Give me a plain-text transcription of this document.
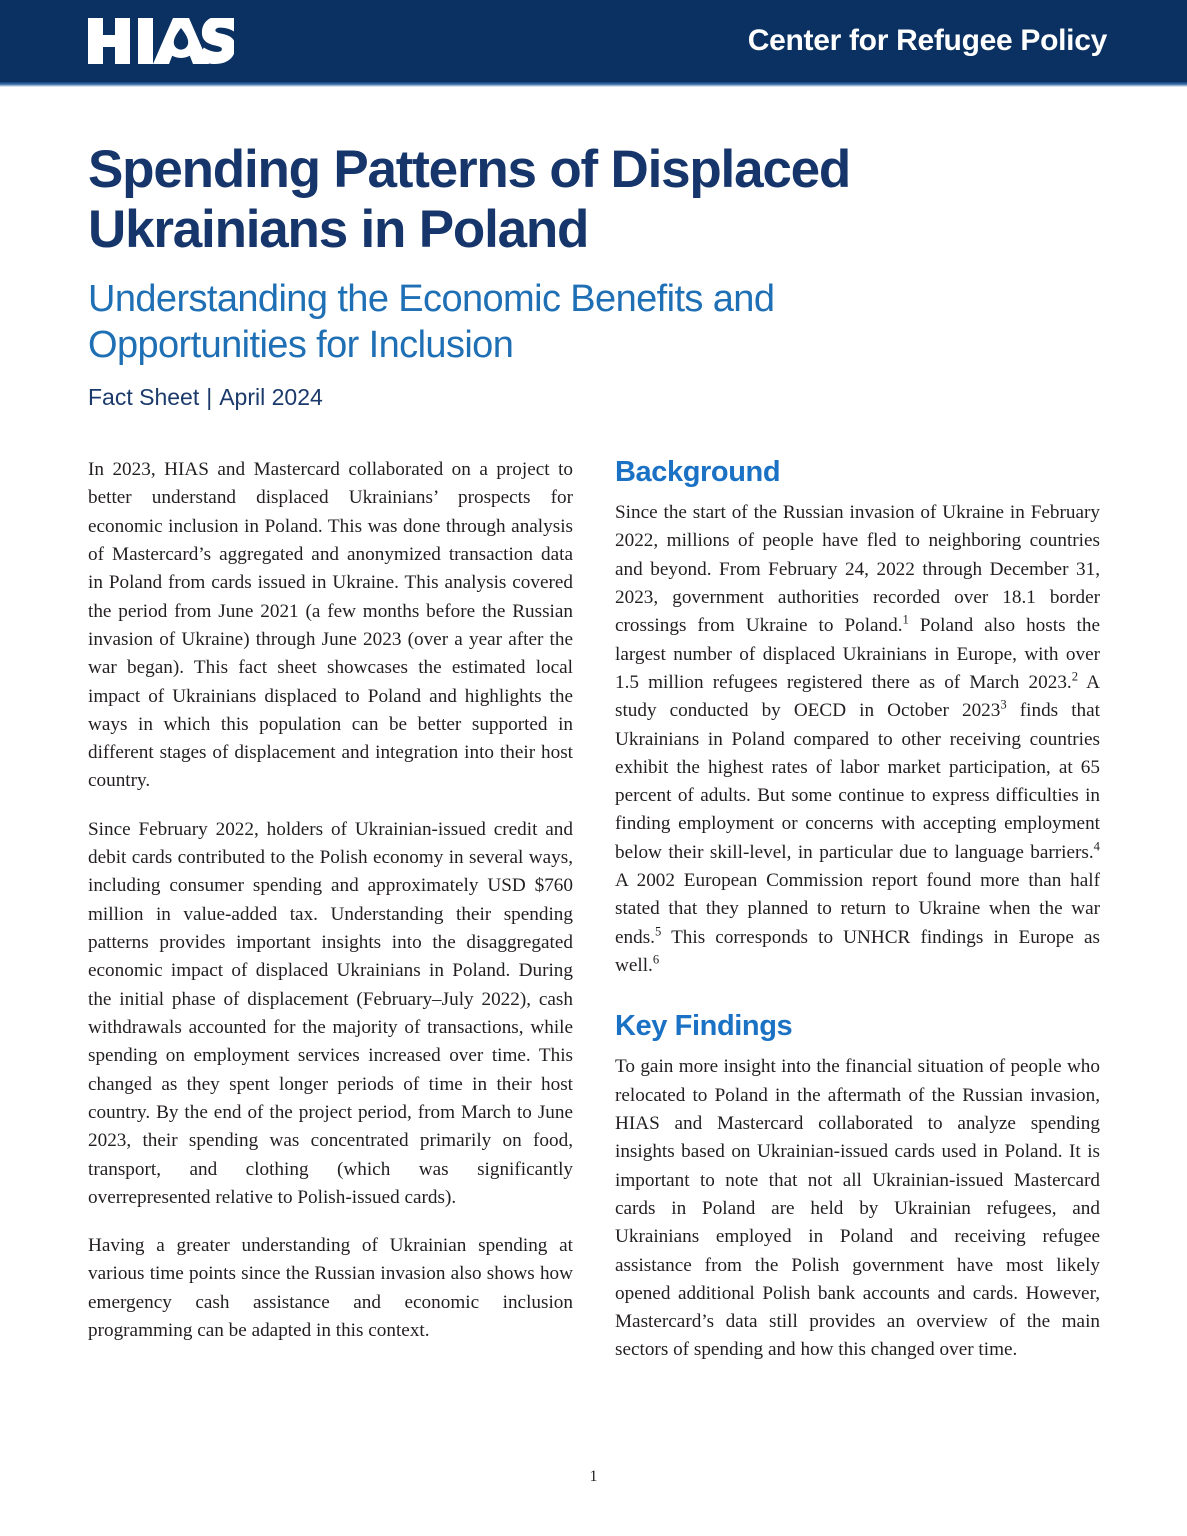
Center for Refugee Policy
Spending Patterns of Displaced
Ukrainians in Poland
Understanding the Economic Benefits and
Opportunities for Inclusion
Fact Sheet | April 2024

In 2023, HIAS and Mastercard collaborated on a project to better understand displaced Ukrainians’ prospects for economic inclusion in Poland. This was done through analysis of Mastercard’s aggregated and anonymized transaction data in Poland from cards issued in Ukraine. This analysis covered the period from June 2021 (a few months before the Russian invasion of Ukraine) through June 2023 (over a year after the war began). This fact sheet showcases the estimated local impact of Ukrainians displaced to Poland and highlights the ways in which this population can be better supported in different stages of displacement and integration into their host country.

Since February 2022, holders of Ukrainian-issued credit and debit cards contributed to the Polish economy in several ways, including consumer spending and approximately USD $760 million in value-added tax. Understanding their spending patterns provides important insights into the disaggregated economic impact of displaced Ukrainians in Poland. During the initial phase of displacement (February–July 2022), cash withdrawals accounted for the majority of transactions, while spending on employment services increased over time. This changed as they spent longer periods of time in their host country. By the end of the project period, from March to June 2023, their spending was concentrated primarily on food, transport, and clothing (which was significantly overrepresented relative to Polish-issued cards).

Having a greater understanding of Ukrainian spending at various time points since the Russian invasion also shows how emergency cash assistance and economic inclusion programming can be adapted in this context.

Background

Since the start of the Russian invasion of Ukraine in February 2022, millions of people have fled to neighboring countries and beyond. From February 24, 2022 through December 31, 2023, government authorities recorded over 18.1 border crossings from Ukraine to Poland.$^1$ Poland also hosts the largest number of displaced Ukrainians in Europe, with over 1.5 million refugees registered there as of March 2023.$^2$ A study conducted by OECD in October 2023$^3$ finds that Ukrainians in Poland compared to other receiving countries exhibit the highest rates of labor market participation, at 65 percent of adults. But some continue to express difficulties in finding employment or concerns with accepting employment below their skill-level, in particular due to language barriers.$^4$ A 2002 European Commission report found more than half stated that they planned to return to Ukraine when the war ends.$^5$ This corresponds to UNHCR findings in Europe as well.$^6$

Key Findings

To gain more insight into the financial situation of people who relocated to Poland in the aftermath of the Russian invasion, HIAS and Mastercard collaborated to analyze spending insights based on Ukrainian-issued cards used in Poland. It is important to note that not all Ukrainian-issued Mastercard cards in Poland are held by Ukrainian refugees, and Ukrainians employed in Poland and receiving refugee assistance from the Polish government have most likely opened additional Polish bank accounts and cards. However, Mastercard’s data still provides an overview of the main sectors of spending and how this changed over time.

1
